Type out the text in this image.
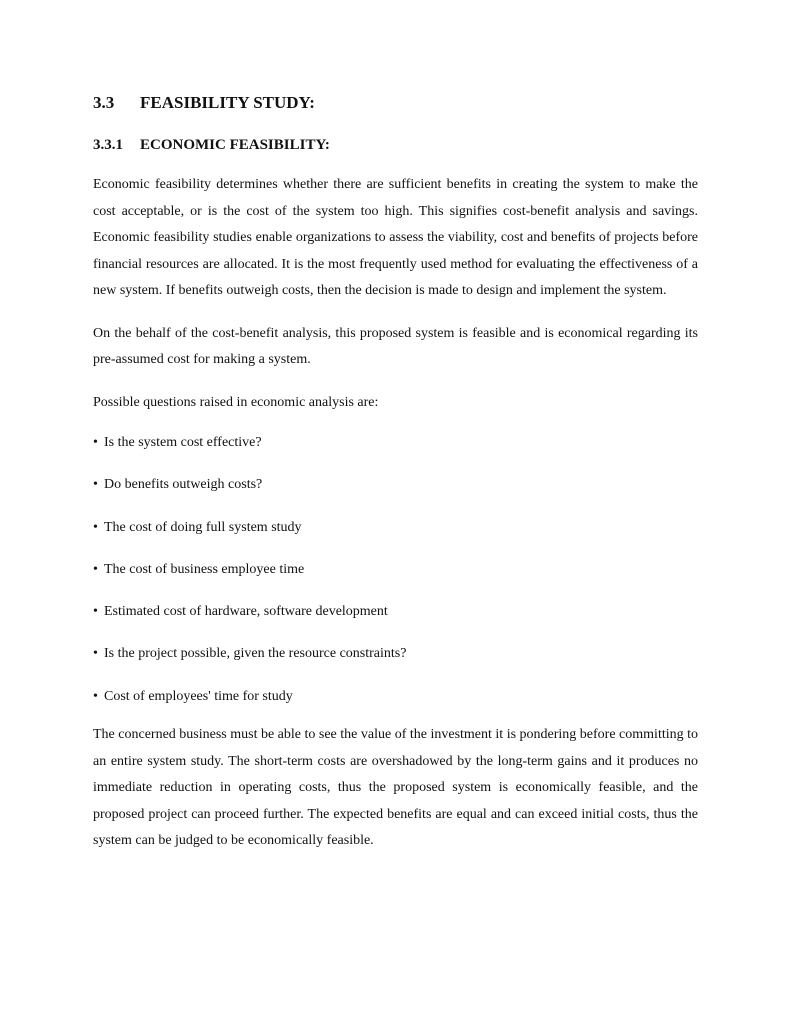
3.3	FEASIBILITY STUDY:
3.3.1	ECONOMIC FEASIBILITY:

Economic feasibility determines whether there are sufficient benefits in creating the system to make the cost acceptable, or is the cost of the system too high. This signifies cost-benefit analysis and savings. Economic feasibility studies enable organizations to assess the viability, cost and benefits of projects before financial resources are allocated. It is the most frequently used method for evaluating the effectiveness of a new system. If benefits outweigh costs, then the decision is made to design and implement the system.

On the behalf of the cost-benefit analysis, this proposed system is feasible and is economical regarding its pre-assumed cost for making a system.

Possible questions raised in economic analysis are:

• Is the system cost effective?
• Do benefits outweigh costs?
• The cost of doing full system study
• The cost of business employee time
• Estimated cost of hardware, software development
• Is the project possible, given the resource constraints?
• Cost of employees' time for study

The concerned business must be able to see the value of the investment it is pondering before committing to an entire system study. The short-term costs are overshadowed by the long-term gains and it produces no immediate reduction in operating costs, thus the proposed system is economically feasible, and the proposed project can proceed further. The expected benefits are equal and can exceed initial costs, thus the system can be judged to be economically feasible.
